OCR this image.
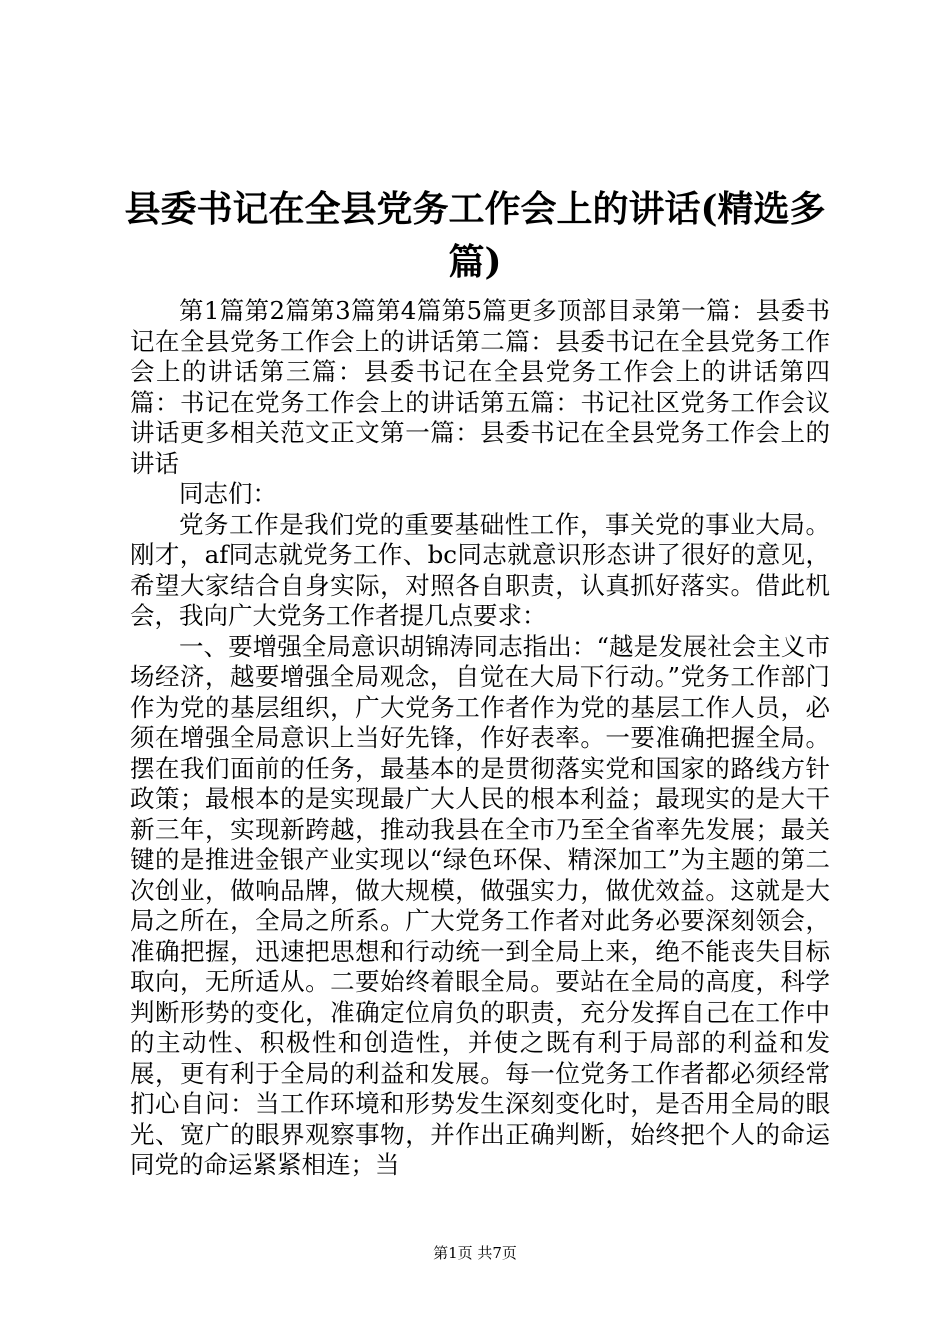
县委书记在全县党务工作会上的讲话(精选多篇)

第1篇第2篇第3篇第4篇第5篇更多顶部目录第一篇：县委书记在全县党务工作会上的讲话第二篇：县委书记在全县党务工作会上的讲话第三篇：县委书记在全县党务工作会上的讲话第四篇：书记在党务工作会上的讲话第五篇：书记社区党务工作会议讲话更多相关范文正文第一篇：县委书记在全县党务工作会上的讲话

同志们：

党务工作是我们党的重要基础性工作，事关党的事业大局。刚才，af同志就党务工作、bc同志就意识形态讲了很好的意见，希望大家结合自身实际，对照各自职责，认真抓好落实。借此机会，我向广大党务工作者提几点要求：

一、要增强全局意识胡锦涛同志指出：“越是发展社会主义市场经济，越要增强全局观念，自觉在大局下行动。”党务工作部门作为党的基层组织，广大党务工作者作为党的基层工作人员，必须在增强全局意识上当好先锋，作好表率。一要准确把握全局。摆在我们面前的任务，最基本的是贯彻落实党和国家的路线方针政策；最根本的是实现最广大人民的根本利益；最现实的是大干新三年，实现新跨越，推动我县在全市乃至全省率先发展；最关键的是推进金银产业实现以“绿色环保、精深加工”为主题的第二次创业，做响品牌，做大规模，做强实力，做优效益。这就是大局之所在，全局之所系。广大党务工作者对此务必要深刻领会，准确把握，迅速把思想和行动统一到全局上来，绝不能丧失目标取向，无所适从。二要始终着眼全局。要站在全局的高度，科学判断形势的变化，准确定位肩负的职责，充分发挥自己在工作中的主动性、积极性和创造性，并使之既有利于局部的利益和发展，更有利于全局的利益和发展。每一位党务工作者都必须经常扪心自问：当工作环境和形势发生深刻变化时，是否用全局的眼光、宽广的眼界观察事物，并作出正确判断，始终把个人的命运同党的命运紧紧相连；当

第1页 共7页
